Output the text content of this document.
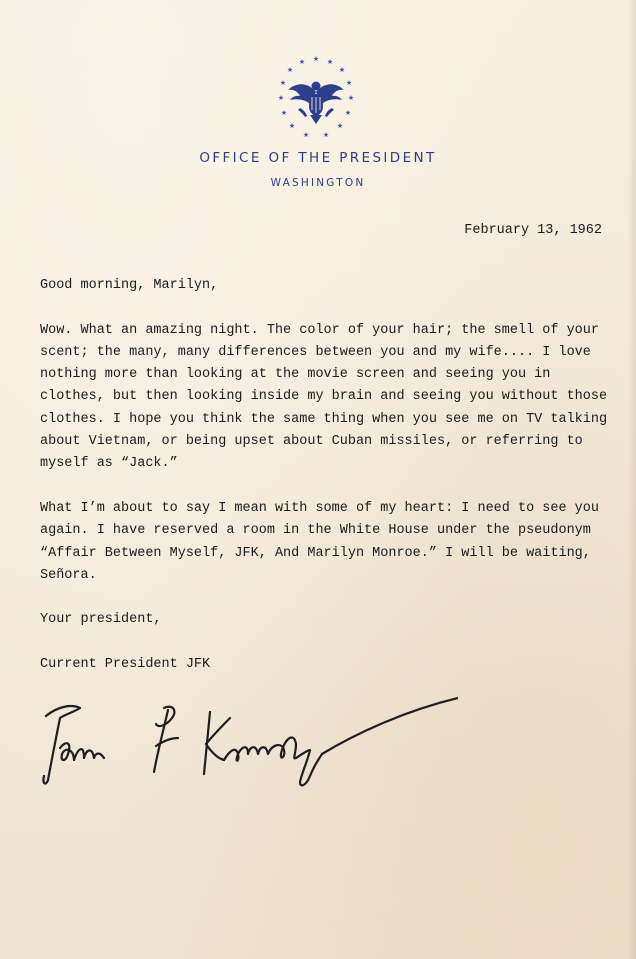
★
★	★
★	★
★	★
★	★
★	★
★	★
★ ★
OFFICE OF THE PRESIDENT
WASHINGTON
February 13, 1962

Good morning, Marilyn,

Wow. What an amazing night. The color of your hair; the smell of your scent; the many, many differences between you and my wife.... I love nothing more than looking at the movie screen and seeing you in clothes, but then looking inside my brain and seeing you without those clothes. I hope you think the same thing when you see me on TV talking about Vietnam, or being upset about Cuban missiles, or referring to myself as “Jack.”

What I’m about to say I mean with some of my heart: I need to see you again. I have reserved a room in the White House under the pseudonym “Affair Between Myself, JFK, And Marilyn Monroe.” I will be waiting, Señora.

Your president,

Current President JFK
